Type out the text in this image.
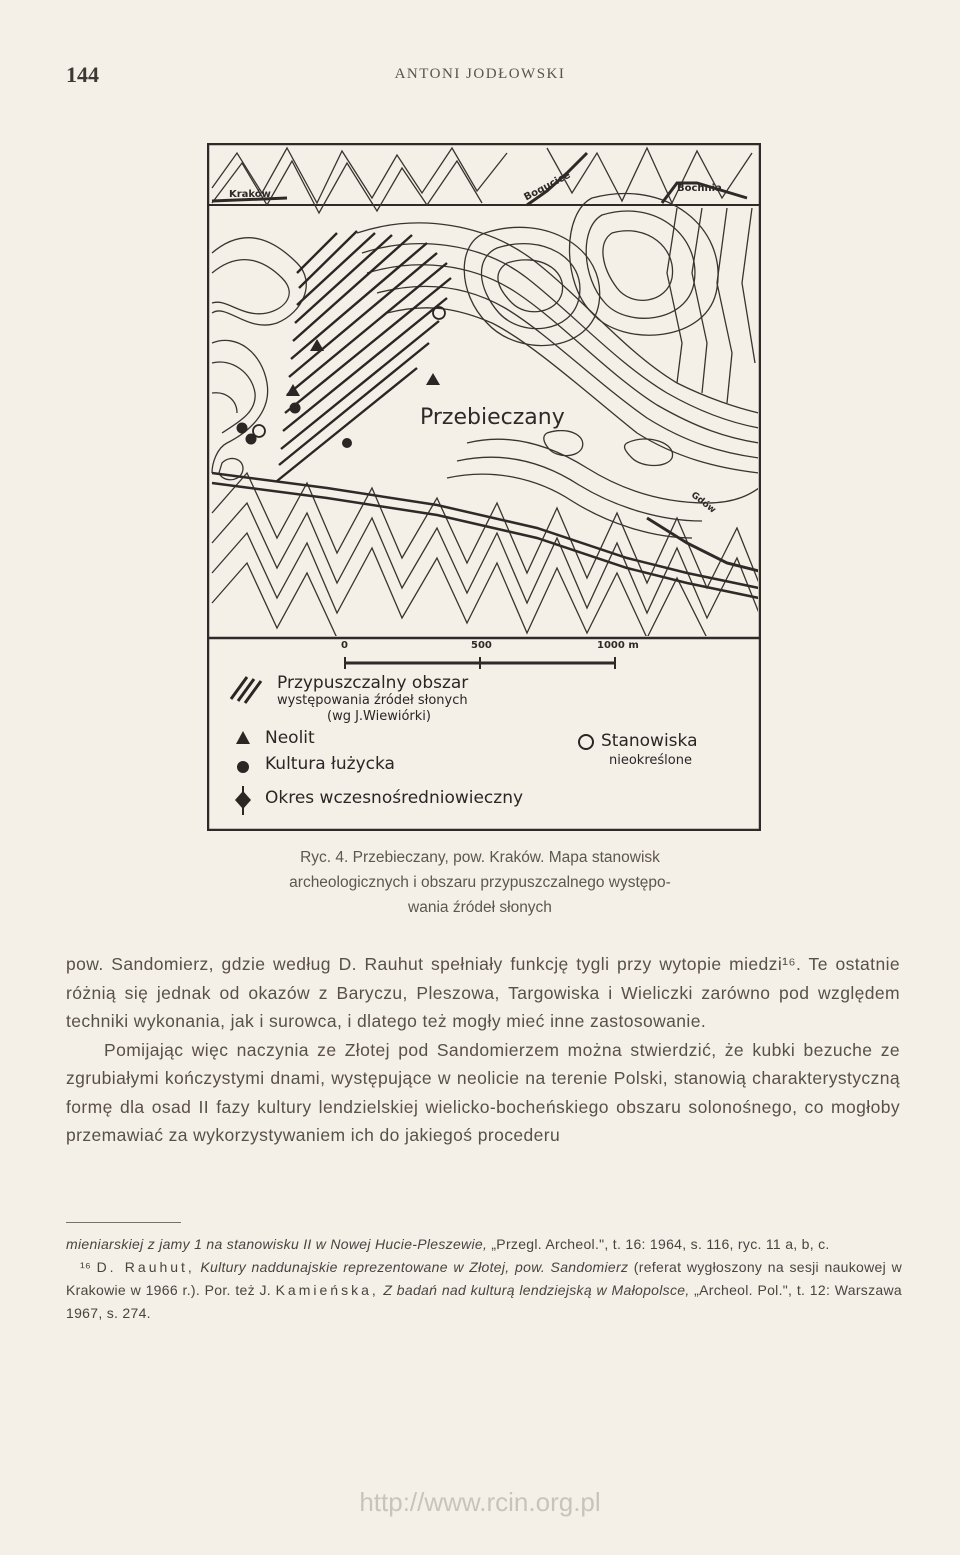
144	ANTONI JODŁOWSKI
Kraków	Bogucice	Bochnia
Przebieczany
Gdów
0	500	1000 m
Przypuszczalny obszar
występowania źródeł słonych
(wg J.Wiewiórki)
Neolit
Kultura łużycka
Okres wczesnośredniowieczny
Stanowiska
nieokreślone
Ryc. 4. Przebieczany, pow. Kraków. Mapa stanowisk
archeologicznych i obszaru przypuszczalnego występo-
wania źródeł słonych

pow. Sandomierz, gdzie według D. Rauhut spełniały funkcję tygli przy wytopie miedzi¹⁶. Te ostatnie różnią się jednak od okazów z Baryczu, Pleszowa, Targowiska i Wieliczki zarówno pod względem techniki wykonania, jak i surowca, i dlatego też mogły mieć inne zastosowanie.

Pomijając więc naczynia ze Złotej pod Sandomierzem można stwierdzić, że kubki bezuche ze zgrubiałymi kończystymi dnami, występujące w neolicie na terenie Polski, stanowią charakterystyczną formę dla osad II fazy kultury lendzielskiej wielicko-bocheńskiego obszaru solonośnego, co mogłoby przemawiać za wykorzystywaniem ich do jakiegoś procederu

mieniarskiej z jamy 1 na stanowisku II w Nowej Hucie-Pleszewie, „Przegl. Archeol.", t. 16: 1964, s. 116, ryc. 11 a, b, c.

¹⁶ D. Rauhut, Kultury naddunajskie reprezentowane w Złotej, pow. Sandomierz (referat wygłoszony na sesji naukowej w Krakowie w 1966 r.). Por. też J. Kamieńska, Z badań nad kulturą lendziejską w Małopolsce, „Archeol. Pol.", t. 12: Warszawa 1967, s. 274.

http://www.rcin.org.pl
